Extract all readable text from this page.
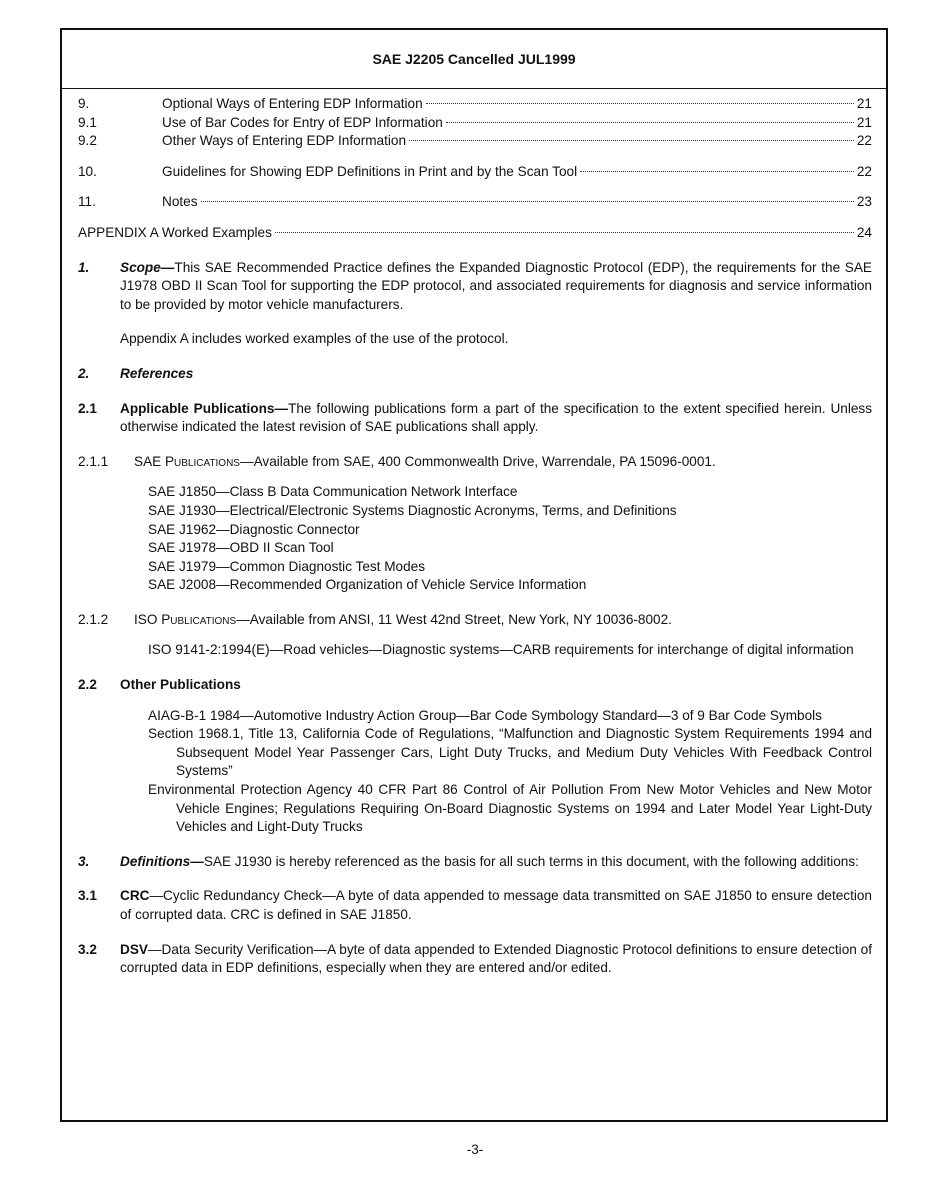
SAE J2205 Cancelled JUL1999
9.	Optional Ways of Entering EDP Information	21
9.1	Use of Bar Codes for Entry of EDP Information	21
9.2	Other Ways of Entering EDP Information	22
10.	Guidelines for Showing EDP Definitions in Print and by the Scan Tool	22
11.	Notes	23
APPENDIX A Worked Examples	24
1.	Scope—This SAE Recommended Practice defines the Expanded Diagnostic Protocol (EDP), the requirements for the SAE J1978 OBD II Scan Tool for supporting the EDP protocol, and associated requirements for diagnosis and service information to be provided by motor vehicle manufacturers.
Appendix A includes worked examples of the use of the protocol.
2.	References
2.1	Applicable Publications—The following publications form a part of the specification to the extent specified herein. Unless otherwise indicated the latest revision of SAE publications shall apply.
2.1.1	SAE Publications—Available from SAE, 400 Commonwealth Drive, Warrendale, PA 15096-0001.
SAE J1850—Class B Data Communication Network Interface
SAE J1930—Electrical/Electronic Systems Diagnostic Acronyms, Terms, and Definitions
SAE J1962—Diagnostic Connector
SAE J1978—OBD II Scan Tool
SAE J1979—Common Diagnostic Test Modes
SAE J2008—Recommended Organization of Vehicle Service Information
2.1.2	ISO Publications—Available from ANSI, 11 West 42nd Street, New York, NY 10036-8002.
ISO 9141-2:1994(E)—Road vehicles—Diagnostic systems—CARB requirements for interchange of digital information
2.2	Other Publications
AIAG-B-1 1984—Automotive Industry Action Group—Bar Code Symbology Standard—3 of 9 Bar Code Symbols
Section 1968.1, Title 13, California Code of Regulations, “Malfunction and Diagnostic System Requirements 1994 and Subsequent Model Year Passenger Cars, Light Duty Trucks, and Medium Duty Vehicles With Feedback Control Systems”
Environmental Protection Agency 40 CFR Part 86 Control of Air Pollution From New Motor Vehicles and New Motor Vehicle Engines; Regulations Requiring On-Board Diagnostic Systems on 1994 and Later Model Year Light-Duty Vehicles and Light-Duty Trucks
3.	Definitions—SAE J1930 is hereby referenced as the basis for all such terms in this document, with the following additions:
3.1	CRC—Cyclic Redundancy Check—A byte of data appended to message data transmitted on SAE J1850 to ensure detection of corrupted data. CRC is defined in SAE J1850.
3.2	DSV—Data Security Verification—A byte of data appended to Extended Diagnostic Protocol definitions to ensure detection of corrupted data in EDP definitions, especially when they are entered and/or edited.
-3-
